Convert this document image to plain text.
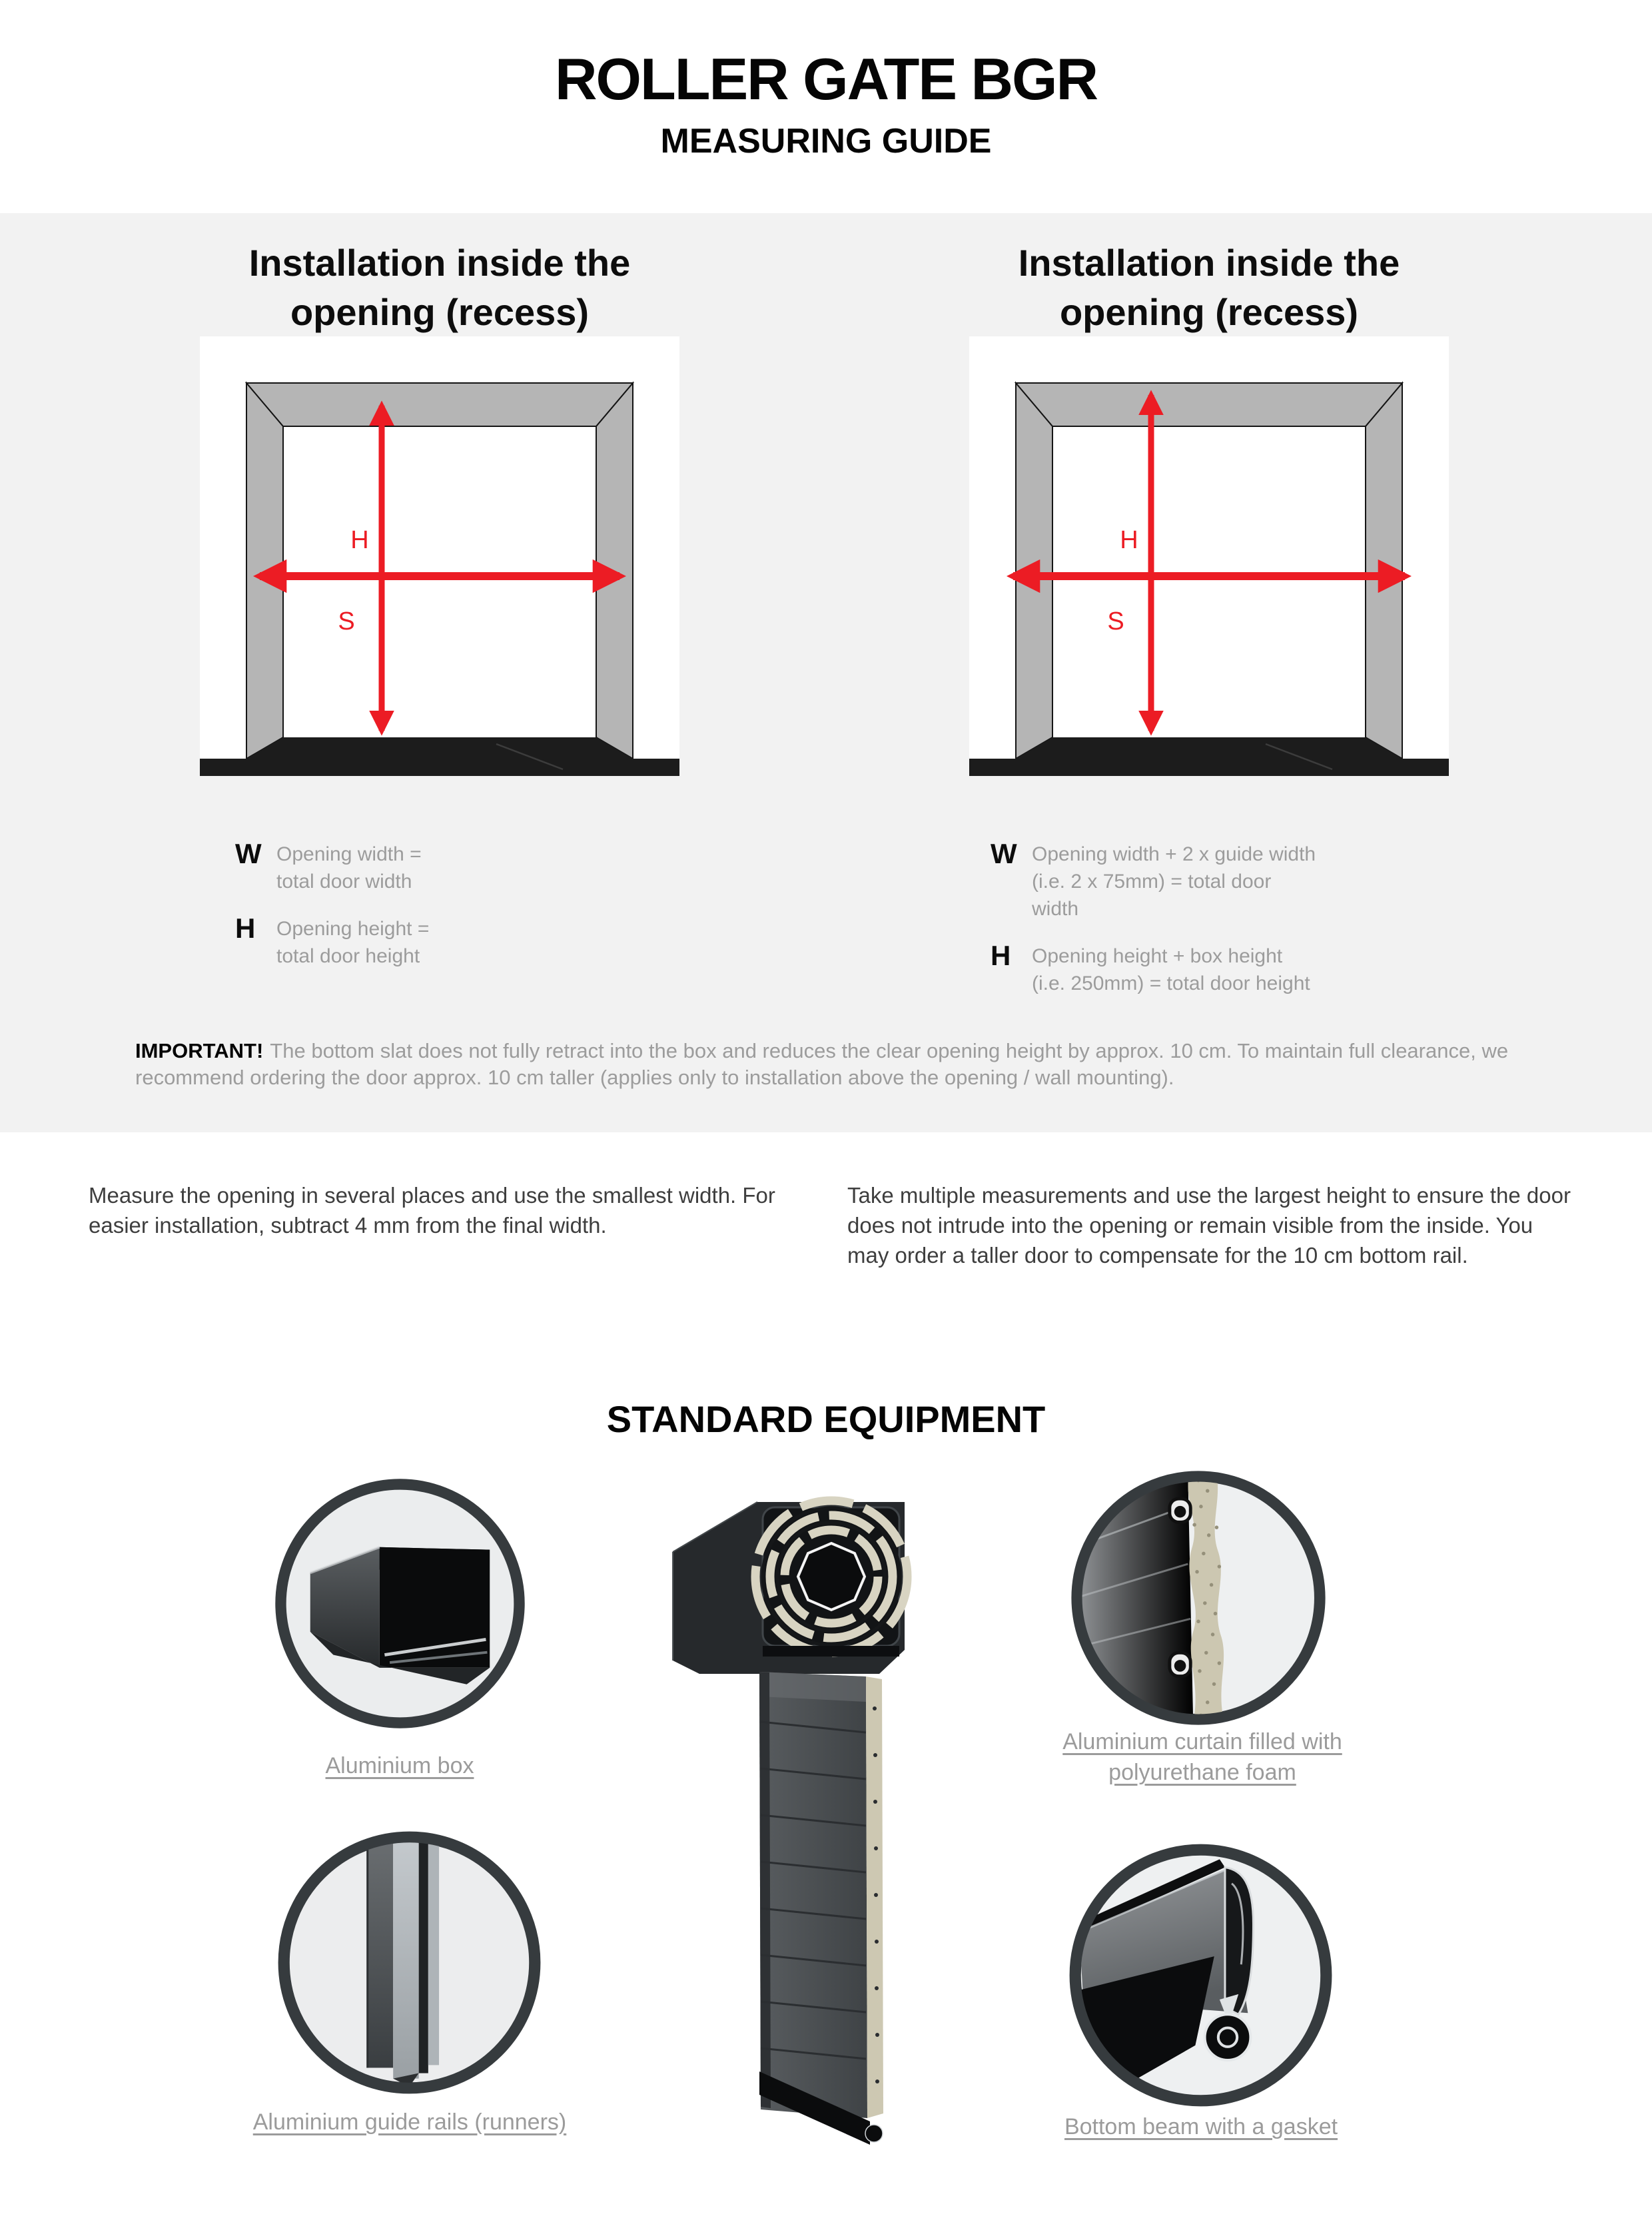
ROLLER GATE BGR
MEASURING GUIDE
Installation inside the
opening (recess)
Installation inside the
opening (recess)
H
S
H
S
W Opening width = total door width
H	Opening height = total door height
W Opening width + 2 x guide width (i.e. 2 x 75mm) = total door width
H	Opening height + box height (i.e. 250mm) = total door height
IMPORTANT! The bottom slat does not fully retract into the box and reduces the clear opening height by approx. 10 cm. To maintain full clearance, we recommend ordering the door approx. 10 cm taller (applies only to installation above the opening / wall mounting).
Measure the opening in several places and use the smallest width. For easier installation, subtract 4 mm from the final width.
Take multiple measurements and use the largest height to ensure the door does not intrude into the opening or remain visible from the inside. You may order a taller door to compensate for the 10 cm bottom rail.
STANDARD EQUIPMENT
Aluminium box
Aluminium curtain filled with polyurethane foam
Aluminium guide rails (runners)	Bottom beam with a gasket
